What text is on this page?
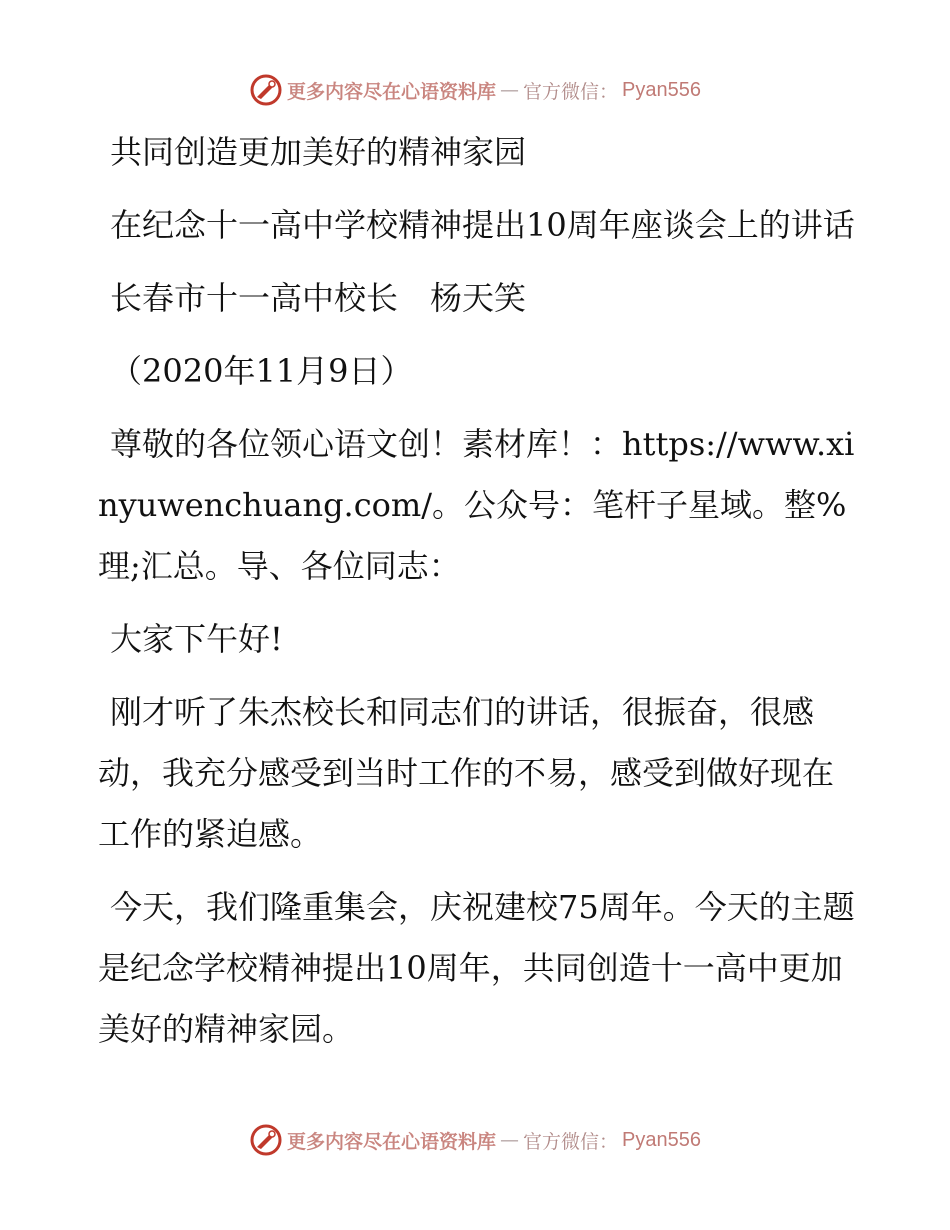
更多内容尽在心语资料库 — 官方微信： Pyan556

共同创造更加美好的精神家园

在纪念十一高中学校精神提出10周年座谈会上的讲话

长春市十一高中校长　杨天笑

（2020年11月9日）

尊敬的各位领心语文创！素材库！：https://www.xinyuwenchuang.com/。公众号：笔杆子星域。整%理;汇总。导、各位同志：

大家下午好!

刚才听了朱杰校长和同志们的讲话，很振奋，很感动，我充分感受到当时工作的不易，感受到做好现在工作的紧迫感。

今天，我们隆重集会，庆祝建校75周年。今天的主题是纪念学校精神提出10周年，共同创造十一高中更加美好的精神家园。

更多内容尽在心语资料库 — 官方微信： Pyan556
